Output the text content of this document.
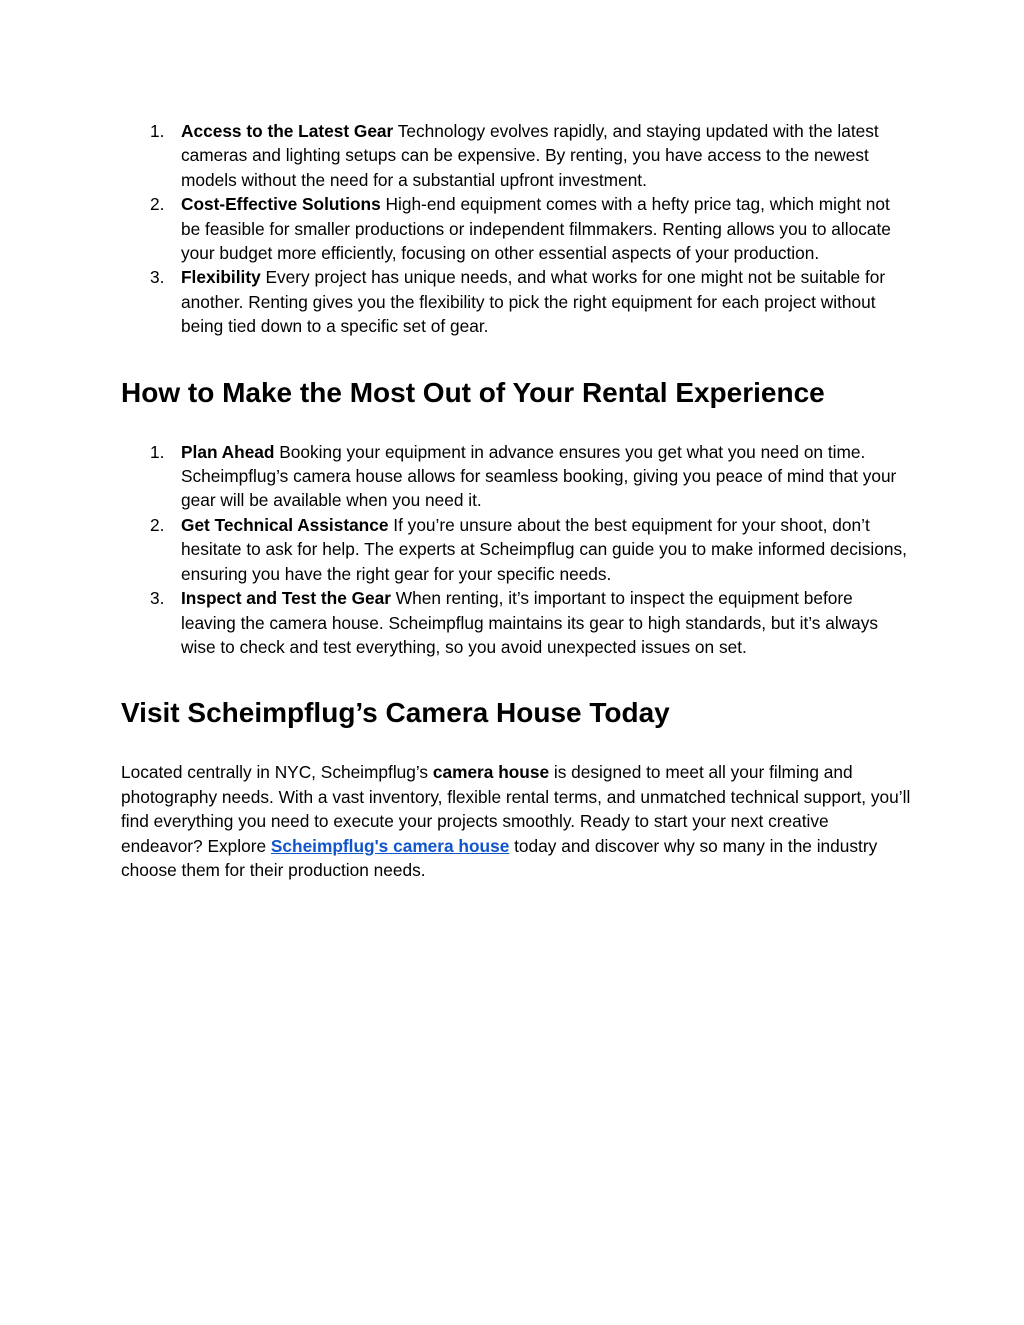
1. Access to the Latest Gear Technology evolves rapidly, and staying updated with the latest cameras and lighting setups can be expensive. By renting, you have access to the newest models without the need for a substantial upfront investment.
2. Cost-Effective Solutions High-end equipment comes with a hefty price tag, which might not be feasible for smaller productions or independent filmmakers. Renting allows you to allocate your budget more efficiently, focusing on other essential aspects of your production.
3. Flexibility Every project has unique needs, and what works for one might not be suitable for another. Renting gives you the flexibility to pick the right equipment for each project without being tied down to a specific set of gear.
How to Make the Most Out of Your Rental Experience
1. Plan Ahead Booking your equipment in advance ensures you get what you need on time. Scheimpflug’s camera house allows for seamless booking, giving you peace of mind that your gear will be available when you need it.
2. Get Technical Assistance If you’re unsure about the best equipment for your shoot, don’t hesitate to ask for help. The experts at Scheimpflug can guide you to make informed decisions, ensuring you have the right gear for your specific needs.
3. Inspect and Test the Gear When renting, it’s important to inspect the equipment before leaving the camera house. Scheimpflug maintains its gear to high standards, but it’s always wise to check and test everything, so you avoid unexpected issues on set.
Visit Scheimpflug’s Camera House Today

Located centrally in NYC, Scheimpflug’s camera house is designed to meet all your filming and photography needs. With a vast inventory, flexible rental terms, and unmatched technical support, you’ll find everything you need to execute your projects smoothly. Ready to start your next creative endeavor? Explore Scheimpflug's camera house today and discover why so many in the industry choose them for their production needs.
